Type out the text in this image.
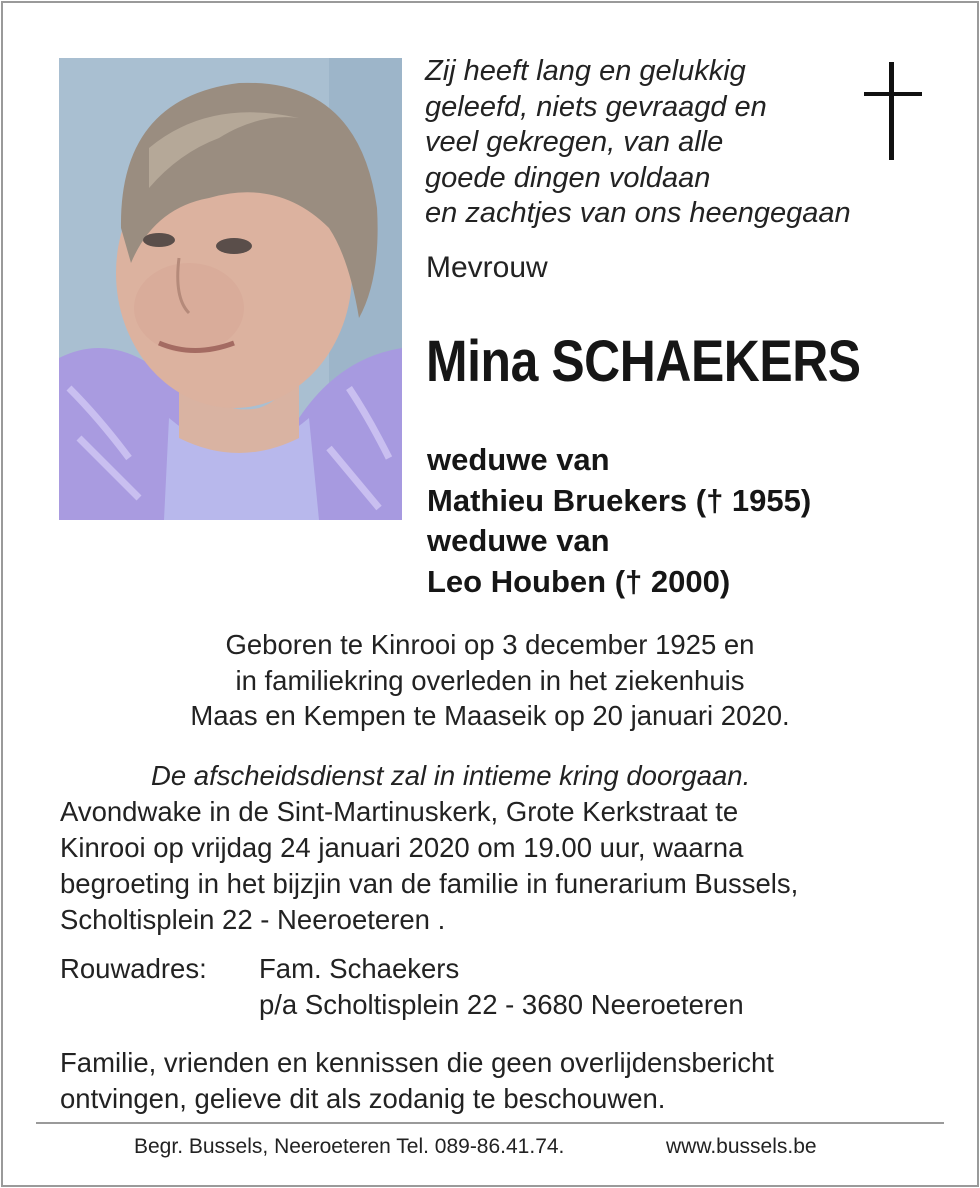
Zij heeft lang en gelukkig
geleefd, niets gevraagd en
veel gekregen, van alle
goede dingen voldaan
en zachtjes van ons heengegaan
Mevrouw
Mina SCHAEKERS
weduwe van
Mathieu Bruekers († 1955)
weduwe van
Leo Houben († 2000)
Geboren te Kinrooi op 3 december 1925 en
in familiekring overleden in het ziekenhuis
Maas en Kempen te Maaseik op 20 januari 2020.
De afscheidsdienst zal in intieme kring doorgaan.
Avondwake in de Sint-Martinuskerk, Grote Kerkstraat te
Kinrooi op vrijdag 24 januari 2020 om 19.00 uur, waarna
begroeting in het bijzjin van de familie in funerarium Bussels,
Scholtisplein 22 - Neeroeteren .
Rouwadres: Fam. Schaekers
p/a Scholtisplein 22 - 3680 Neeroeteren
Familie, vrienden en kennissen die geen overlijdensbericht
ontvingen, gelieve dit als zodanig te beschouwen.
Begr. Bussels, Neeroeteren Tel. 089-86.41.74.	www.bussels.be
